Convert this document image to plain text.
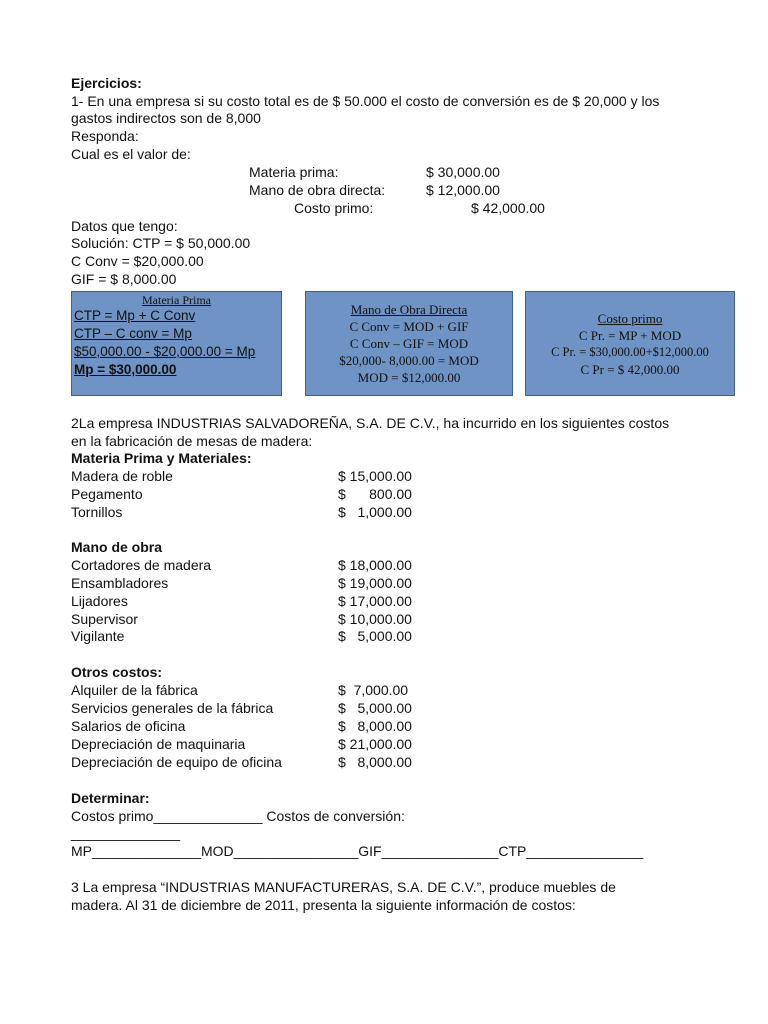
Ejercicios:
1- En una empresa si su costo total es de $ 50.000 el costo de conversión es de $ 20,000 y los
gastos indirectos son de 8,000
Responda:
Cual es el valor de:
Materia prima:	$ 30,000.00
Mano de obra directa:	$ 12,000.00
Costo primo:	$ 42,000.00
Datos que tengo:
Solución: CTP = $ 50,000.00
C Conv = $20,000.00
GIF = $ 8,000.00
Materia Prima
CTP = Mp + C Conv
CTP – C conv = Mp
$50,000.00 - $20,000.00 = Mp
Mp = $30,000.00
Mano de Obra Directa
C Conv = MOD + GIF
C Conv – GIF = MOD
$20,000- 8,000.00 = MOD
MOD = $12,000.00
Costo primo
C Pr. = MP + MOD
C Pr. = $30,000.00+$12,000.00
C Pr = $ 42,000.00
2La empresa INDUSTRIAS SALVADOREÑA, S.A. DE C.V., ha incurrido en los siguientes costos
en la fabricación de mesas de madera:
Materia Prima y Materiales:
Madera de roble	$ 15,000.00
Pegamento	$      800.00
Tornillos	$   1,000.00
Mano de obra
Cortadores de madera	$ 18,000.00
Ensambladores	$ 19,000.00
Lijadores	$ 17,000.00
Supervisor	$ 10,000.00
Vigilante	$   5,000.00
Otros costos:
Alquiler de la fábrica	$  7,000.00
Servicios generales de la fábrica	$   5,000.00
Salarios de oficina	$   8,000.00
Depreciación de maquinaria	$ 21,000.00
Depreciación de equipo de oficina	$   8,000.00
Determinar:
Costos primo______________ Costos de conversión:
______________
MP______________MOD________________GIF_______________CTP_______________
3 La empresa “INDUSTRIAS MANUFACTURERAS, S.A. DE C.V.”, produce muebles de
madera. Al 31 de diciembre de 2011, presenta la siguiente información de costos:
